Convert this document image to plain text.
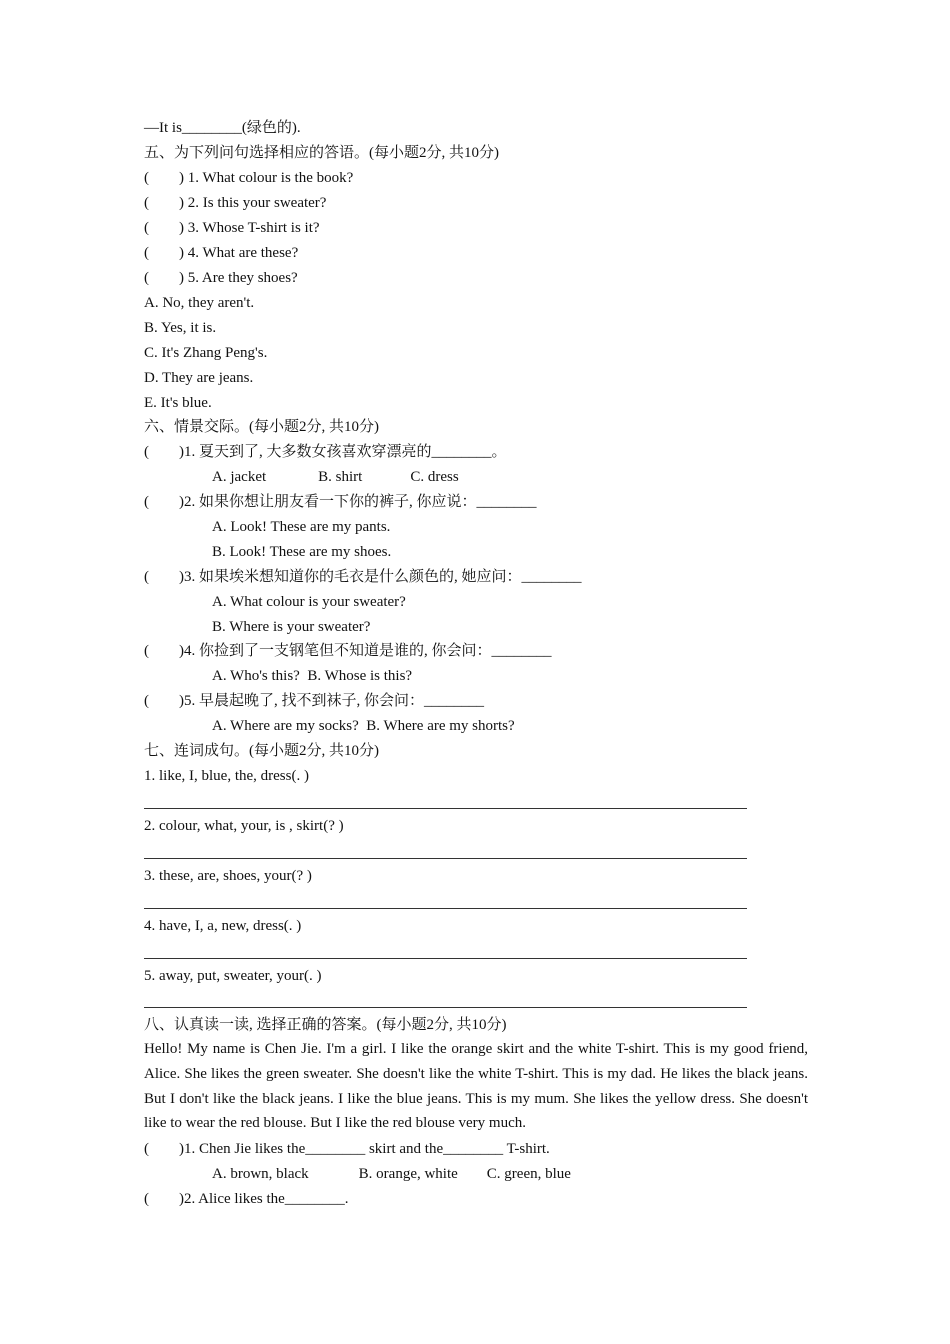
—It is________(绿色的).
五、为下列问句选择相应的答语。(每小题2分, 共10分)
(        ) 1. What colour is the book?
(        ) 2. Is this your sweater?
(        ) 3. Whose T-shirt is it?
(        ) 4. What are these?
(        ) 5. Are they shoes?
A. No, they aren't.
B. Yes, it is.
C. It's Zhang Peng's.
D. They are jeans.
E. It's blue.
六、情景交际。(每小题2分, 共10分)
(        )1. 夏天到了, 大多数女孩喜欢穿漂亮的________。
A. jacket	B. shirt	C. dress
(        )2. 如果你想让朋友看一下你的裤子, 你应说：________
A. Look! These are my pants.
B. Look! These are my shoes.
(        )3. 如果埃米想知道你的毛衣是什么颜色的, 她应问：________
A. What colour is your sweater?
B. Where is your sweater?
(        )4. 你捡到了一支钢笔但不知道是谁的, 你会问：________
A. Who's this?  B. Whose is this?
(        )5. 早晨起晚了, 找不到袜子, 你会问：________
A. Where are my socks?  B. Where are my shorts?
七、连词成句。(每小题2分, 共10分)
1. like, I, blue, the, dress(. )
2. colour, what, your, is , skirt(? )
3. these, are, shoes, your(? )
4. have, I, a, new, dress(. )
5. away, put, sweater, your(. )
八、认真读一读, 选择正确的答案。(每小题2分, 共10分)
Hello! My name is Chen Jie. I'm a girl. I like the orange skirt and the white T-shirt. This is my good friend, Alice. She likes the green sweater. She doesn't like the white T-shirt. This is my dad. He likes the black jeans. But I don't like the black jeans. I like the blue jeans. This is my mum. She likes the yellow dress. She doesn't like to wear the red blouse. But I like the red blouse very much.
(        )1. Chen Jie likes the________ skirt and the________ T-shirt.
A. brown, black	B. orange, white C. green, blue
(        )2. Alice likes the________.
